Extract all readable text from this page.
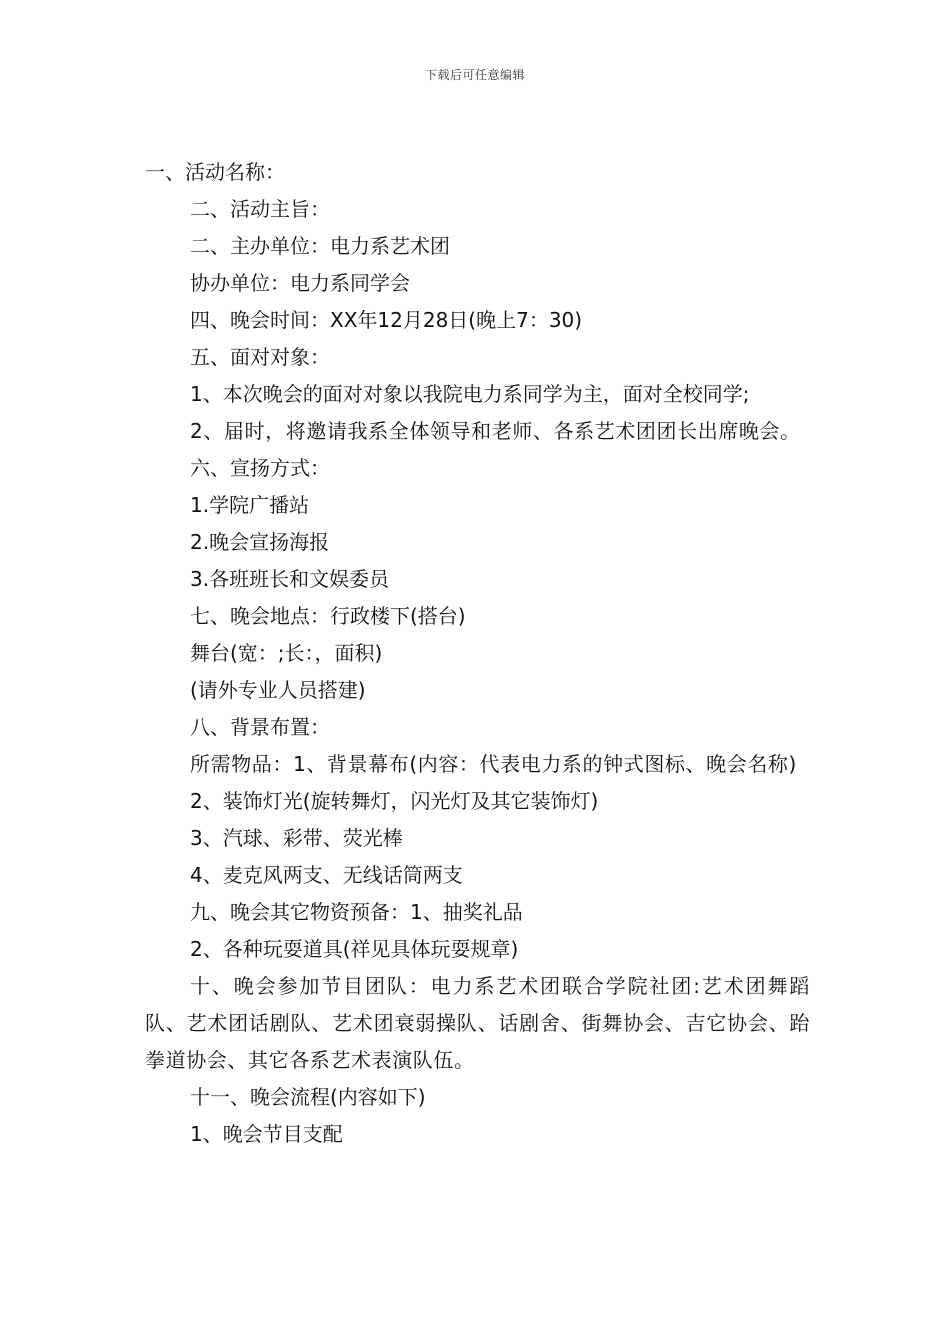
下载后可任意编辑
一、活动名称：
二、活动主旨：
二、主办单位：电力系艺术团
协办单位：电力系同学会
四、晚会时间：XX年12月28日(晚上7：30)
五、面对对象：
1、本次晚会的面对对象以我院电力系同学为主，面对全校同学;
2、届时，将邀请我系全体领导和老师、各系艺术团团长出席晚会。
六、宣扬方式：
1.学院广播站
2.晚会宣扬海报
3.各班班长和文娱委员
七、晚会地点：行政楼下(搭台)
舞台(宽：;长：，面积)
(请外专业人员搭建)
八、背景布置：
所需物品：1、背景幕布(内容：代表电力系的钟式图标、晚会名称)
2、装饰灯光(旋转舞灯，闪光灯及其它装饰灯)
3、汽球、彩带、荧光棒
4、麦克风两支、无线话筒两支
九、晚会其它物资预备：1、抽奖礼品
2、各种玩耍道具(祥见具体玩耍规章)
十、晚会参加节目团队：电力系艺术团联合学院社团:艺术团舞蹈队、艺术团话剧队、艺术团衰弱操队、话剧舍、街舞协会、吉它协会、跆拳道协会、其它各系艺术表演队伍。
十一、晚会流程(内容如下)
1、晚会节目支配
